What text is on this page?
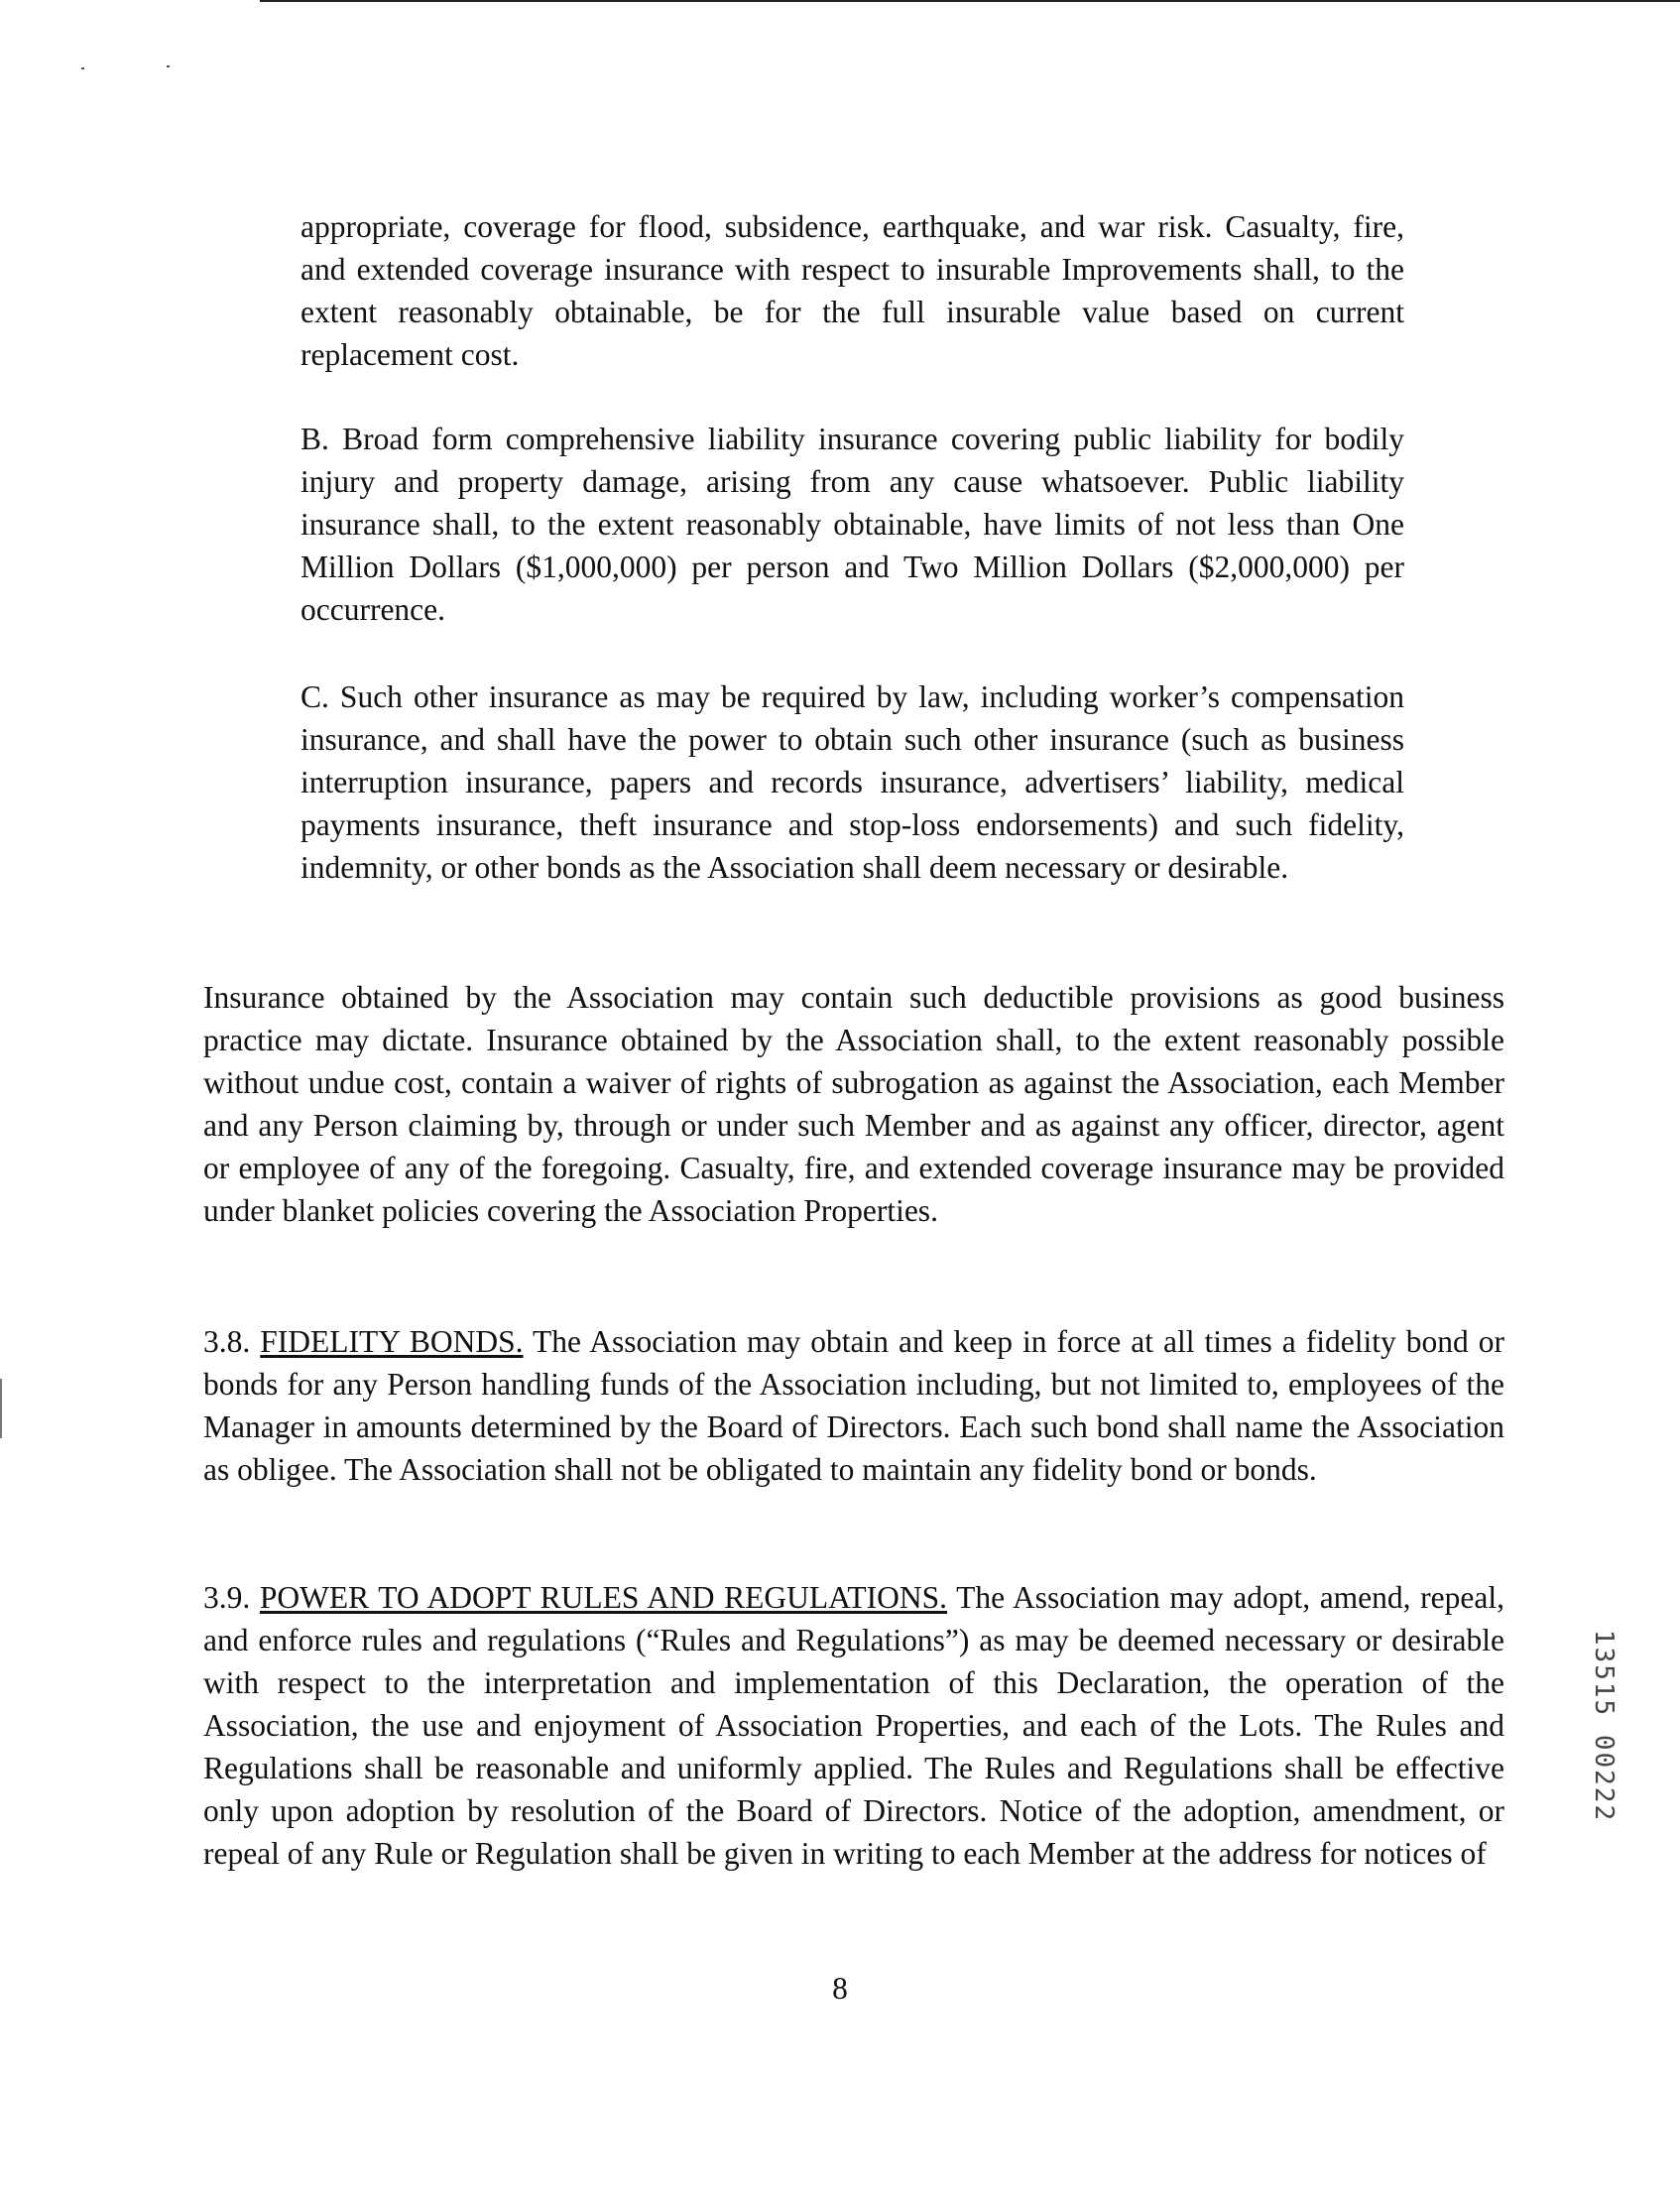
appropriate, coverage for flood, subsidence, earthquake, and war risk. Casualty, fire, and extended coverage insurance with respect to insurable Improvements shall, to the extent reasonably obtainable, be for the full insurable value based on current replacement cost.

B. Broad form comprehensive liability insurance covering public liability for bodily injury and property damage, arising from any cause whatsoever. Public liability insurance shall, to the extent reasonably obtainable, have limits of not less than One Million Dollars ($1,000,000) per person and Two Million Dollars ($2,000,000) per occurrence.

C. Such other insurance as may be required by law, including worker’s compensation insurance, and shall have the power to obtain such other insurance (such as business interruption insurance, papers and records insurance, advertisers’ liability, medical payments insurance, theft insurance and stop-loss endorsements) and such fidelity, indemnity, or other bonds as the Association shall deem necessary or desirable.

Insurance obtained by the Association may contain such deductible provisions as good business practice may dictate. Insurance obtained by the Association shall, to the extent reasonably possible without undue cost, contain a waiver of rights of subrogation as against the Association, each Member and any Person claiming by, through or under such Member and as against any officer, director, agent or employee of any of the foregoing. Casualty, fire, and extended coverage insurance may be provided under blanket policies covering the Association Properties.

3.8. FIDELITY BONDS. The Association may obtain and keep in force at all times a fidelity bond or bonds for any Person handling funds of the Association including, but not limited to, employees of the Manager in amounts determined by the Board of Directors. Each such bond shall name the Association as obligee. The Association shall not be obligated to maintain any fidelity bond or bonds.

3.9. POWER TO ADOPT RULES AND REGULATIONS. The Association may adopt, amend, repeal, and enforce rules and regulations (“Rules and Regulations”) as may be deemed necessary or desirable with respect to the interpretation and implementation of this Declaration, the operation of the Association, the use and enjoyment of Association Properties, and each of the Lots. The Rules and Regulations shall be reasonable and uniformly applied. The Rules and Regulations shall be effective only upon adoption by resolution of the Board of Directors. Notice of the adoption, amendment, or repeal of any Rule or Regulation shall be given in writing to each Member at the address for notices of

8
13515 00222
